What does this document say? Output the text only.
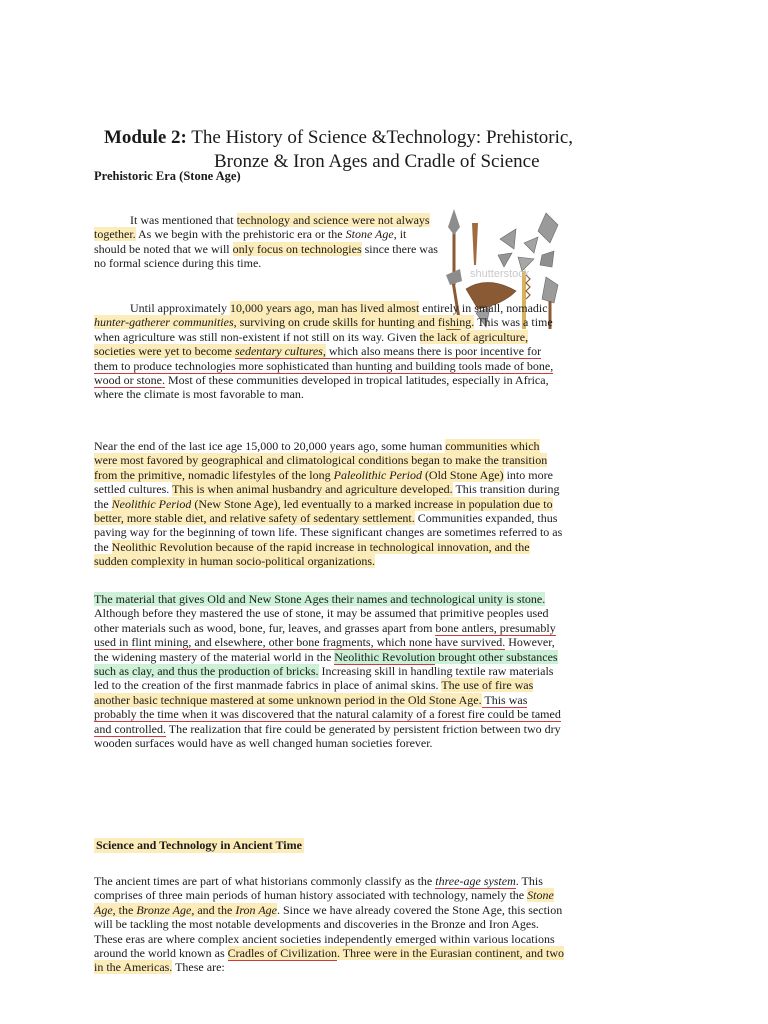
Module 2: The History of Science &Technology: Prehistoric,
Bronze & Iron Ages and Cradle of Science
Prehistoric Era (Stone Age)
shutterstock

It was mentioned that technology and science were not always together. As we begin with the prehistoric era or the Stone Age, it should be noted that we will only focus on technologies since there was no formal science during this time.

Until approximately 10,000 years ago, man has lived almost entirely in small, nomadic hunter-gatherer communities, surviving on crude skills for hunting and fishing. This was a time when agriculture was still non-existent if not still on its way. Given the lack of agriculture, societies were yet to become sedentary cultures, which also means there is poor incentive for them to produce technologies more sophisticated than hunting and building tools made of bone, wood or stone. Most of these communities developed in tropical latitudes, especially in Africa, where the climate is most favorable to man.

Near the end of the last ice age 15,000 to 20,000 years ago, some human communities which were most favored by geographical and climatological conditions began to make the transition from the primitive, nomadic lifestyles of the long Paleolithic Period (Old Stone Age) into more settled cultures. This is when animal husbandry and agriculture developed. This transition during the Neolithic Period (New Stone Age), led eventually to a marked increase in population due to better, more stable diet, and relative safety of sedentary settlement. Communities expanded, thus paving way for the beginning of town life. These significant changes are sometimes referred to as the Neolithic Revolution because of the rapid increase in technological innovation, and the sudden complexity in human socio-political organizations.

The material that gives Old and New Stone Ages their names and technological unity is stone. Although before they mastered the use of stone, it may be assumed that primitive peoples used other materials such as wood, bone, fur, leaves, and grasses apart from bone antlers, presumably used in flint mining, and elsewhere, other bone fragments, which none have survived. However, the widening mastery of the material world in the Neolithic Revolution brought other substances such as clay, and thus the production of bricks. Increasing skill in handling textile raw materials led to the creation of the first manmade fabrics in place of animal skins. The use of fire was another basic technique mastered at some unknown period in the Old Stone Age. This was probably the time when it was discovered that the natural calamity of a forest fire could be tamed and controlled. The realization that fire could be generated by persistent friction between two dry wooden surfaces would have as well changed human societies forever.

Science and Technology in Ancient Time

The ancient times are part of what historians commonly classify as the three-age system. This comprises of three main periods of human history associated with technology, namely the Stone Age, the Bronze Age, and the Iron Age. Since we have already covered the Stone Age, this section will be tackling the most notable developments and discoveries in the Bronze and Iron Ages. These eras are where complex ancient societies independently emerged within various locations around the world known as Cradles of Civilization. Three were in the Eurasian continent, and two in the Americas. These are:
